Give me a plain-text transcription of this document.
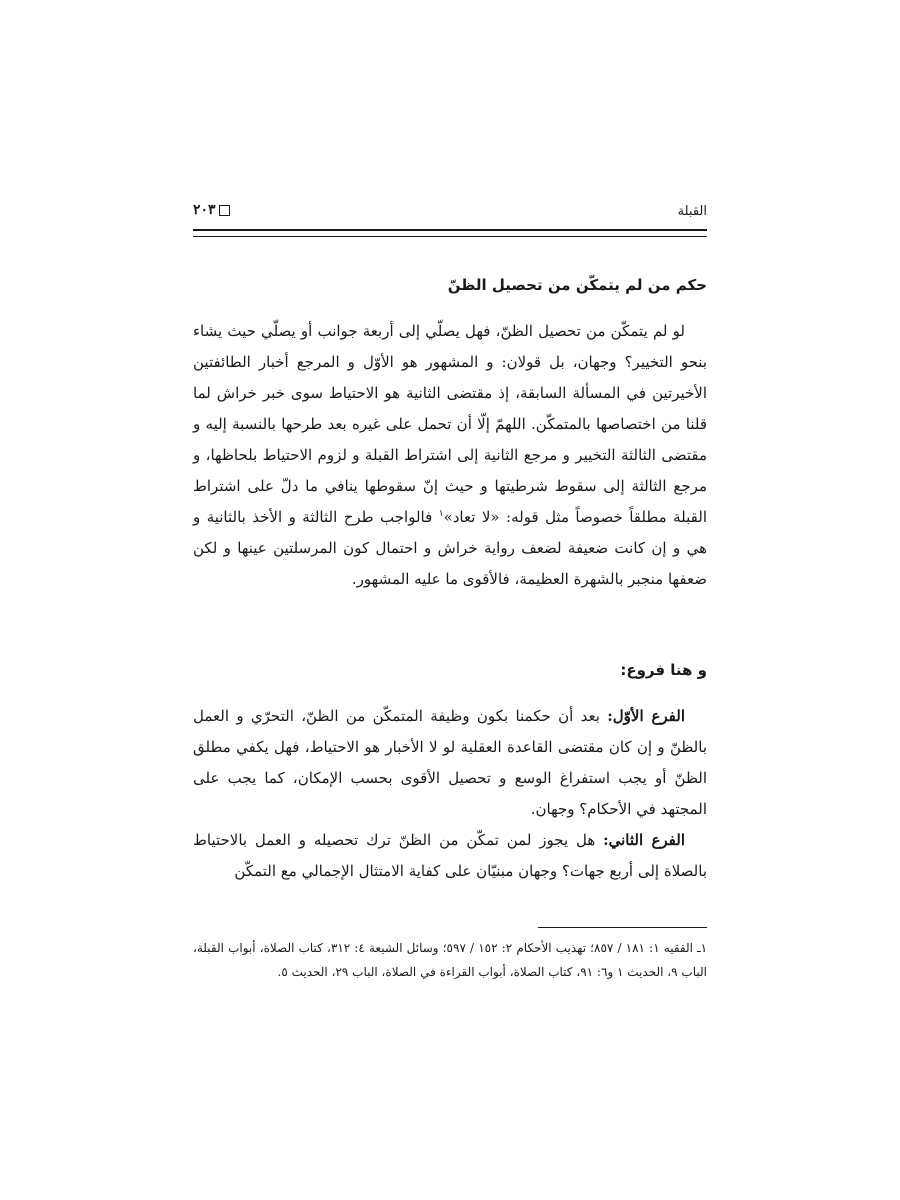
القبلة
٢٠٣
حكم من لم يتمكّن من تحصيل الظنّ

لو لم يتمكّن من تحصيل الظنّ، فهل يصلّي إلى أربعة جوانب أو يصلّي حيث يشاء بنحو التخيير؟ وجهان، بل قولان: و المشهور هو الأوّل و المرجع أخبار الطائفتين الأخيرتين في المسألة السابقة، إذ مقتضى الثانية هو الاحتياط سوى خبر خراش لما قلنا من اختصاصها بالمتمكّن. اللهمّ إلّا أن تحمل على غيره بعد طرحها بالنسبة إليه و مقتضى الثالثة التخيير و مرجع الثانية إلى اشتراط القبلة و لزوم الاحتياط بلحاظها، و مرجع الثالثة إلى سقوط شرطيتها و حيث إنّ سقوطها ينافي ما دلّ على اشتراط القبلة مطلقاً خصوصاً مثل قوله: «لا تعاد»$^١$ فالواجب طرح الثالثة و الأخذ بالثانية و هي و إن كانت ضعيفة لضعف رواية خراش و احتمال كون المرسلتين عينها و لكن ضعفها منجبر بالشهرة العظيمة، فالأقوى ما عليه المشهور.

و هنا فروع:

الفرع الأوّل: بعد أن حكمنا بكون وظيفة المتمكّن من الظنّ، التحرّي و العمل بالظنّ و إن كان مقتضى القاعدة العقلية لو لا الأخبار هو الاحتياط، فهل يكفي مطلق الظنّ أو يجب استفراغ الوسع و تحصيل الأقوى بحسب الإمكان، كما يجب على المجتهد في الأحكام؟ وجهان.

الفرع الثاني: هل يجوز لمن تمكّن من الظنّ ترك تحصيله و العمل بالاحتياط بالصلاة إلى أربع جهات؟ وجهان مبنيّان على كفاية الامتثال الإجمالي مع التمكّن

١ـ الفقيه ١: ١٨١ / ٨٥٧؛ تهذيب الأحكام ٢: ١٥٢ / ٥٩٧؛ وسائل الشيعة ٤: ٣١٢، كتاب الصلاة، أبواب القبلة، الباب ٩، الحديث ١ و٦: ٩١، كتاب الصلاة، أبواب القراءة في الصلاة، الباب ٢٩، الحديث ٥.
